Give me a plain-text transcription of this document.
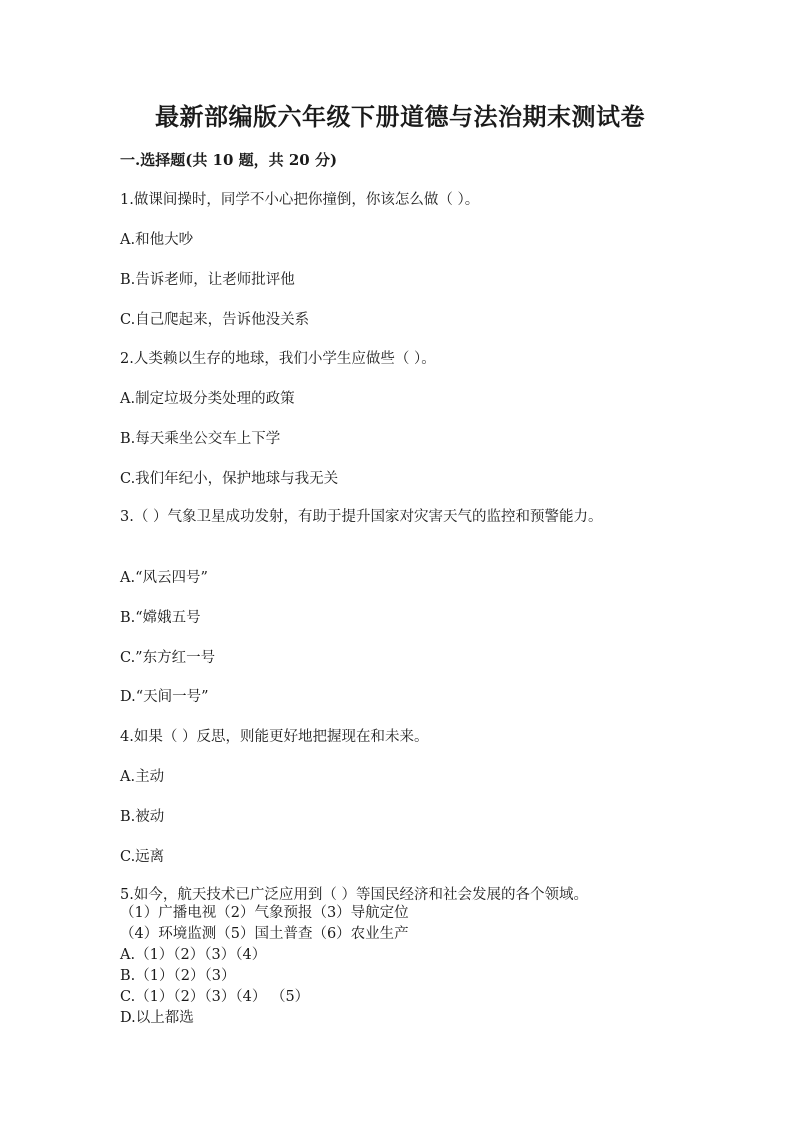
最新部编版六年级下册道德与法治期末测试卷
一.选择题(共 10 题，共 20 分)
1.做课间操时，同学不小心把你撞倒，你该怎么做（ ）。
A.和他大吵
B.告诉老师，让老师批评他
C.自己爬起来，告诉他没关系
2.人类赖以生存的地球，我们小学生应做些（ ）。
A.制定垃圾分类处理的政策
B.每天乘坐公交车上下学
C.我们年纪小，保护地球与我无关
3.（ ）气象卫星成功发射，有助于提升国家对灾害天气的监控和预警能力。
A.“风云四号”
B.“嫦娥五号
C.”东方红一号
D.“天间一号”
4.如果（ ）反思，则能更好地把握现在和未来。
A.主动
B.被动
C.远离
5.如今，航天技术已广泛应用到（ ）等国民经济和社会发展的各个领域。
（1）广播电视（2）气象预报（3）导航定位
（4）环境监测（5）国土普查（6）农业生产
A.（1）（2）（3）（4）
B.（1）（2）（3）
C.（1）（2）（3）（4） （5）
D.以上都选
